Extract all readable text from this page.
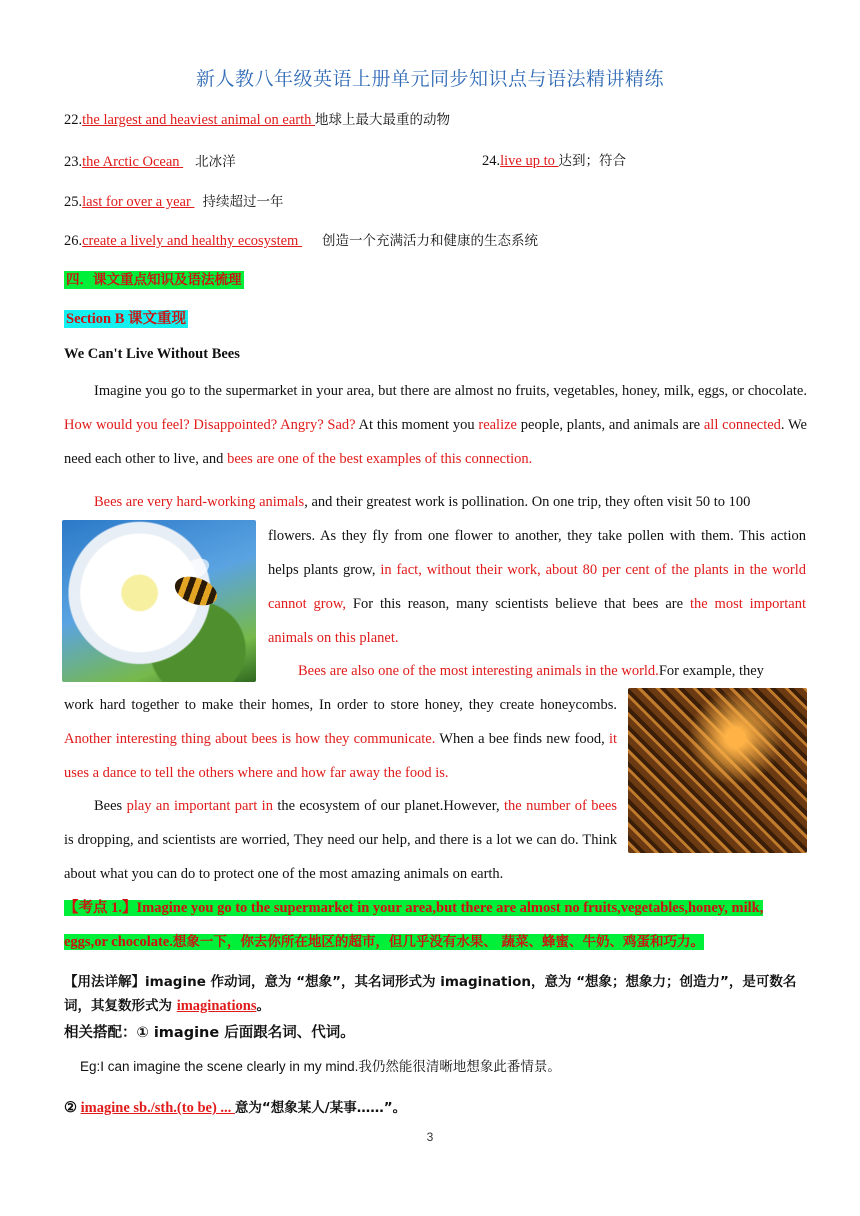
新人教八年级英语上册单元同步知识点与语法精讲精练
22.the largest and heaviest animal on earth 地球上最大最重的动物
23.the Arctic Ocean 北冰洋	24.live up to 达到；符合
25.last for over a year 持续超过一年
26.create a lively and healthy ecosystem 创造一个充满活力和健康的生态系统
四．课文重点知识及语法梳理
Section B 课文重现
We Can't Live Without Bees

Imagine you go to the supermarket in your area, but there are almost no fruits, vegetables, honey, milk, eggs, or chocolate. How would you feel? Disappointed? Angry? Sad? At this moment you realize people, plants, and animals are all connected. We need each other to live, and bees are one of the best examples of this connection.

Bees are very hard-working animals, and their greatest work is pollination. On one trip, they often visit 50 to 100

flowers. As they fly from one flower to another, they take pollen with them. This action helps plants grow, in fact, without their work, about 80 per cent of the plants in the world cannot grow, For this reason, many scientists believe that bees are the most important animals on this planet.

Bees are also one of the most interesting animals in the world.For example, they

work hard together to make their homes, In order to store honey, they create honeycombs. Another interesting thing about bees is how they communicate. When a bee finds new food, it uses a dance to tell the others where and how far away the food is.

Bees play an important part in the ecosystem of our planet.However, the number of bees is dropping, and scientists are worried, They need our help, and there is a lot we can do. Think about what you can do to protect one of the most amazing animals on earth.

【考点 1.】Imagine you go to the supermarket in your area,but there are almost no fruits,vegetables,honey, milk, eggs,or chocolate.想象一下，你去你所在地区的超市，但几乎没有水果、 蔬菜、蜂蜜、牛奶、鸡蛋和巧力。
【用法详解】imagine 作动词，意为 “想象”，其名词形式为 imagination，意为 “想象；想象力；创造力”，是可数名词，其复数形式为 imaginations。
相关搭配：① imagine 后面跟名词、代词。
Eg:I can imagine the scene clearly in my mind.我仍然能很清晰地想象此番情景。
② imagine sb./sth.(to be) ... 意为“想象某人/某事……”。
3
